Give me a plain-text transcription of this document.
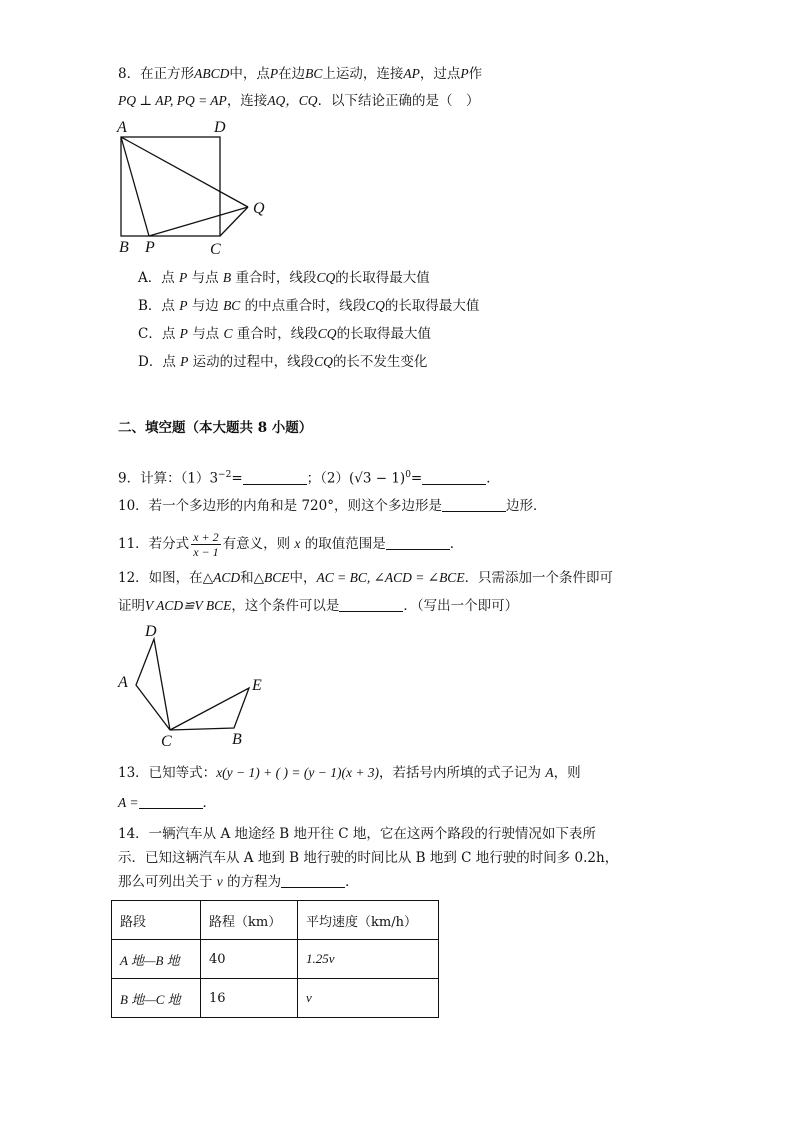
8．在正方形ABCD中，点P在边BC上运动，连接AP，过点P作
PQ ⊥ AP, PQ = AP，连接AQ，CQ．以下结论正确的是（　）
A	D
B P	C
Q
A．点 P 与点 B 重合时，线段CQ的长取得最大值
B．点 P 与边 BC 的中点重合时，线段CQ的长取得最大值
C．点 P 与点 C 重合时，线段CQ的长取得最大值
D．点 P 运动的过程中，线段CQ的长不发生变化
二、填空题（本大题共 8 小题）
9．计算：$(1)3^{-2}=$	；$(2)(√3 - 1)^0=$	．
10．若一个多边形的内角和是 720°，则这个多边形是	边形．
11．若分式 $\frac{x + 2}{x - 1}$ 有意义，则 x 的取值范围是	．
12．如图，在△ACD和△BCE中，AC = BC, ∠ACD = ∠BCE．只需添加一个条件即可
证明V ACD≌V BCE，这个条件可以是	．（写出一个即可）
D
A
C
E
B
13．已知等式：x(y − 1) + ( ) = (y − 1)(x + 3)，若括号内所填的式子记为 A，则
A =	．
14．一辆汽车从 A 地途经 B 地开往 C 地，它在这两个路段的行驶情况如下表所
示．已知这辆汽车从 A 地到 B 地行驶的时间比从 B 地到 C 地行驶的时间多 0.2h，
那么可列出关于 v 的方程为	．
路段	路程（km）	平均速度（km/h）
A 地—B 地	40	1.25v
B 地—C 地	16	v
